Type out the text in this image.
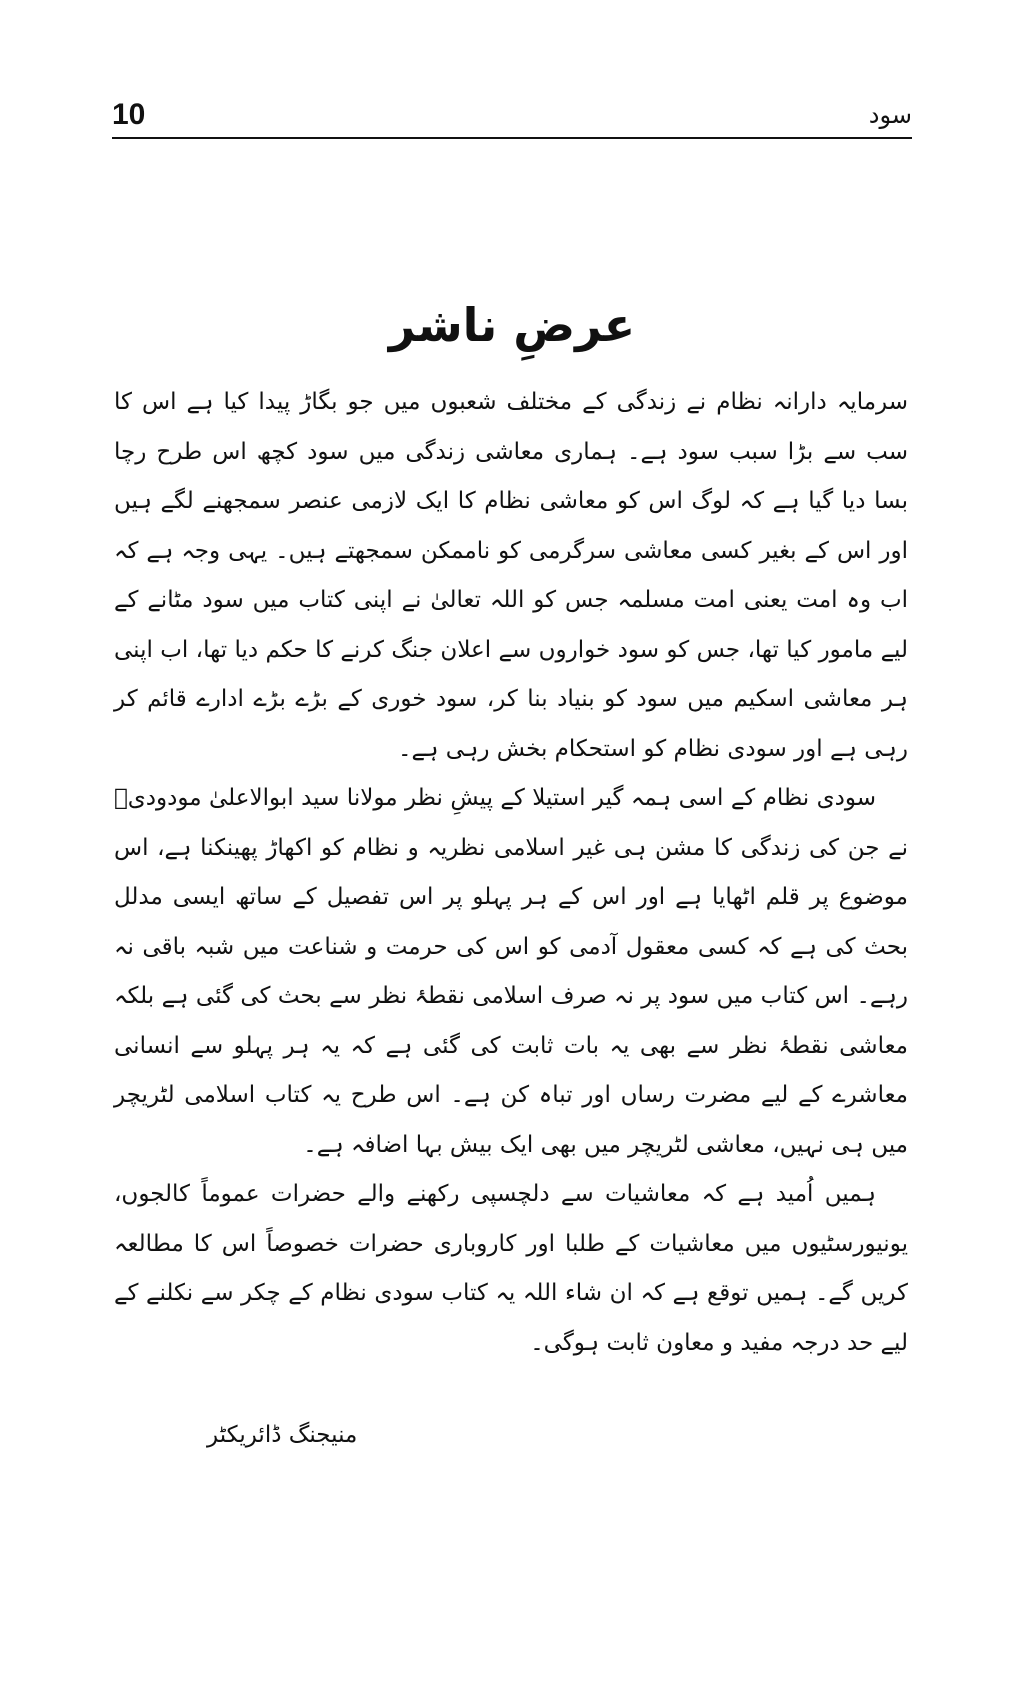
10	سود
عرضِ ناشر

سرمایہ دارانہ نظام نے زندگی کے مختلف شعبوں میں جو بگاڑ پیدا کیا ہے اس کا سب سے بڑا سبب سود ہے۔ ہماری معاشی زندگی میں سود کچھ اس طرح رچا بسا دیا گیا ہے کہ لوگ اس کو معاشی نظام کا ایک لازمی عنصر سمجھنے لگے ہیں اور اس کے بغیر کسی معاشی سرگرمی کو ناممکن سمجھتے ہیں۔ یہی وجہ ہے کہ اب وہ امت یعنی امت مسلمہ جس کو اللہ تعالیٰ نے اپنی کتاب میں سود مٹانے کے لیے مامور کیا تھا، جس کو سود خواروں سے اعلان جنگ کرنے کا حکم دیا تھا، اب اپنی ہر معاشی اسکیم میں سود کو بنیاد بنا کر، سود خوری کے بڑے بڑے ادارے قائم کر رہی ہے اور سودی نظام کو استحکام بخش رہی ہے۔

سودی نظام کے اسی ہمہ گیر استیلا کے پیشِ نظر مولانا سید ابوالاعلیٰ مودودیؒ نے جن کی زندگی کا مشن ہی غیر اسلامی نظریہ و نظام کو اکھاڑ پھینکنا ہے، اس موضوع پر قلم اٹھایا ہے اور اس کے ہر پہلو پر اس تفصیل کے ساتھ ایسی مدلل بحث کی ہے کہ کسی معقول آدمی کو اس کی حرمت و شناعت میں شبہ باقی نہ رہے۔ اس کتاب میں سود پر نہ صرف اسلامی نقطۂ نظر سے بحث کی گئی ہے بلکہ معاشی نقطۂ نظر سے بھی یہ بات ثابت کی گئی ہے کہ یہ ہر پہلو سے انسانی معاشرے کے لیے مضرت رساں اور تباہ کن ہے۔ اس طرح یہ کتاب اسلامی لٹریچر میں ہی نہیں، معاشی لٹریچر میں بھی ایک بیش بہا اضافہ ہے۔

ہمیں اُمید ہے کہ معاشیات سے دلچسپی رکھنے والے حضرات عموماً کالجوں، یونیورسٹیوں میں معاشیات کے طلبا اور کاروباری حضرات خصوصاً اس کا مطالعہ کریں گے۔ ہمیں توقع ہے کہ ان شاء اللہ یہ کتاب سودی نظام کے چکر سے نکلنے کے لیے حد درجہ مفید و معاون ثابت ہوگی۔

منیجنگ ڈائریکٹر
